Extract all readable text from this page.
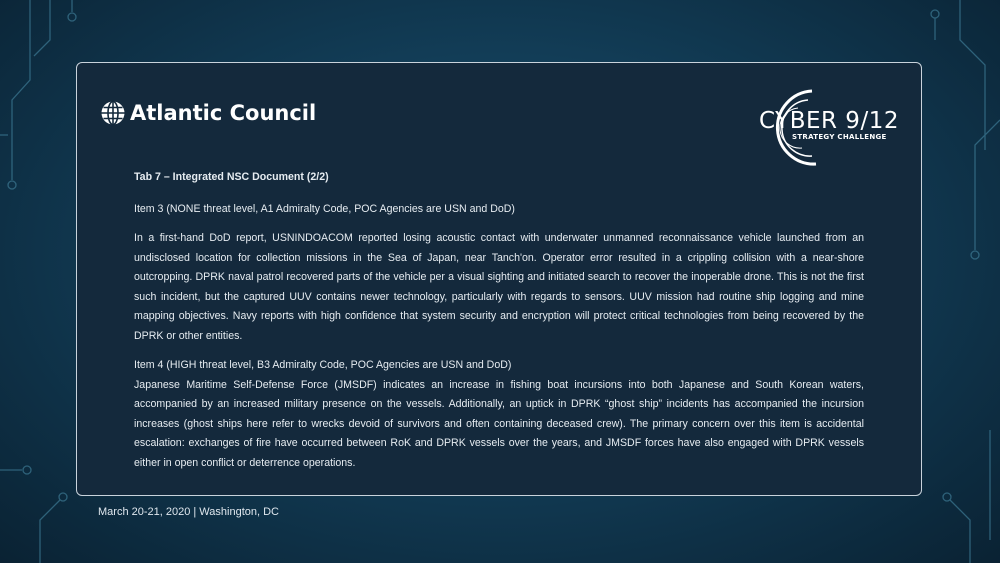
Atlantic Council	CYBER 9/12
STRATEGY CHALLENGE

Tab 7 – Integrated NSC Document (2/2)

Item 3 (NONE threat level, A1 Admiralty Code, POC Agencies are USN and DoD)

In a first-hand DoD report, USNINDOACOM reported losing acoustic contact with underwater unmanned reconnaissance vehicle launched from an undisclosed location for collection missions in the Sea of Japan, near Tanch'on. Operator error resulted in a crippling collision with a near-shore outcropping. DPRK naval patrol recovered parts of the vehicle per a visual sighting and initiated search to recover the inoperable drone. This is not the first such incident, but the captured UUV contains newer technology, particularly with regards to sensors. UUV mission had routine ship logging and mine mapping objectives. Navy reports with high confidence that system security and encryption will protect critical technologies from being recovered by the DPRK or other entities.

Item 4 (HIGH threat level, B3 Admiralty Code, POC Agencies are USN and DoD)

Japanese Maritime Self-Defense Force (JMSDF) indicates an increase in fishing boat incursions into both Japanese and South Korean waters, accompanied by an increased military presence on the vessels. Additionally, an uptick in DPRK “ghost ship” incidents has accompanied the incursion increases (ghost ships here refer to wrecks devoid of survivors and often containing deceased crew). The primary concern over this item is accidental escalation: exchanges of fire have occurred between RoK and DPRK vessels over the years, and JMSDF forces have also engaged with DPRK vessels either in open conflict or deterrence operations.

March 20-21, 2020 | Washington, DC
